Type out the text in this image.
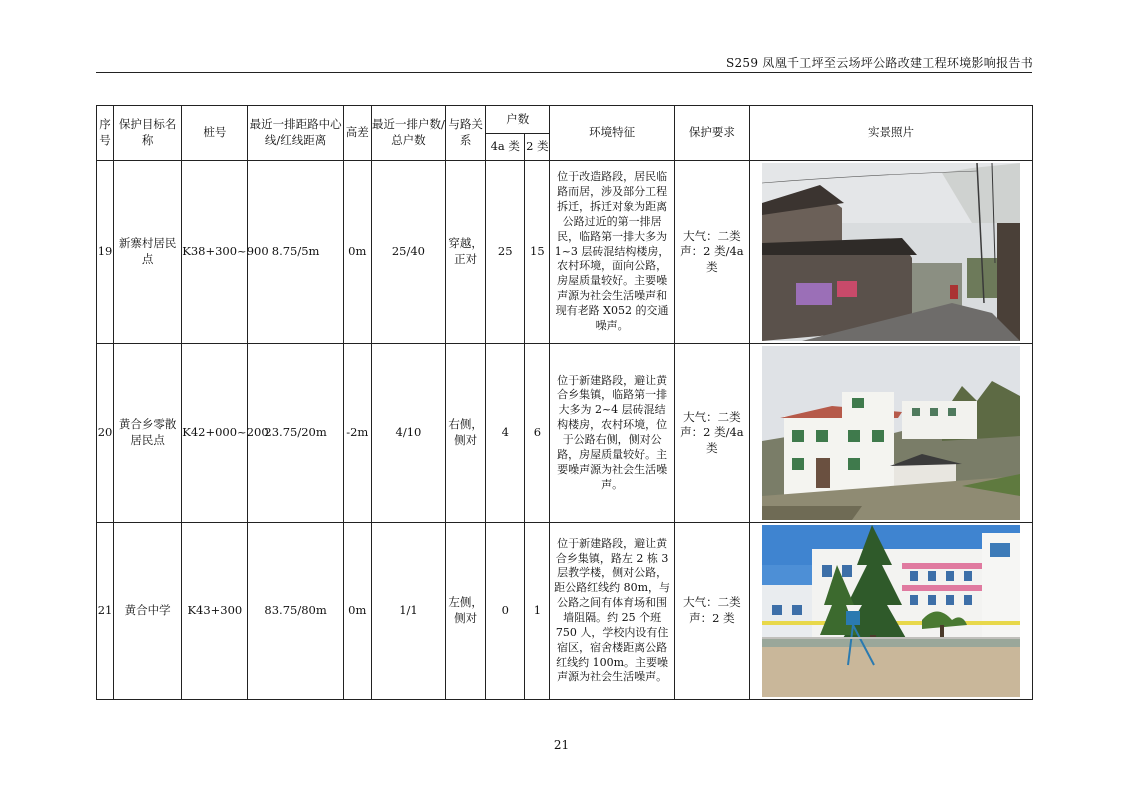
S259 凤凰千工坪至云场坪公路改建工程环境影响报告书
序号	保护目标名称	桩号	最近一排距路中心线/红线距离	高差	最近一排户数/总户数	与路关系	户数		环境特征	保护要求	实景照片
							4a 类	2 类			
19	新寨村居民点	K38+300~900	8.75/5m	0m	25/40	穿越，正对	25	15	位于改造路段，居民临路而居，涉及部分工程拆迁，拆迁对象为距离公路过近的第一排居民，临路第一排大多为1~3 层砖混结构楼房，农村环境，面向公路，房屋质量较好。主要噪声源为社会生活噪声和现有老路 X052 的交通噪声。	大气：二类 声：2 类/4a 类	

20	黄合乡零散居民点	K42+000~200	23.75/20m	-2m	4/10	右侧，侧对	4	6	位于新建路段，避让黄合乡集镇，临路第一排大多为 2~4 层砖混结构楼房，农村环境，位于公路右侧，侧对公路，房屋质量较好。主要噪声源为社会生活噪声。	大气：二类 声：2 类/4a 类	

21	黄合中学	K43+300	83.75/80m	0m	1/1	左侧，侧对	0	1	位于新建路段，避让黄合乡集镇，路左 2 栋 3 层教学楼，侧对公路，距公路红线约 80m，与公路之间有体育场和围墙阻隔。约 25 个班 750 人，学校内设有住宿区，宿舍楼距离公路红线约 100m。主要噪声源为社会生活噪声。	大气：二类 声：2 类	
21
